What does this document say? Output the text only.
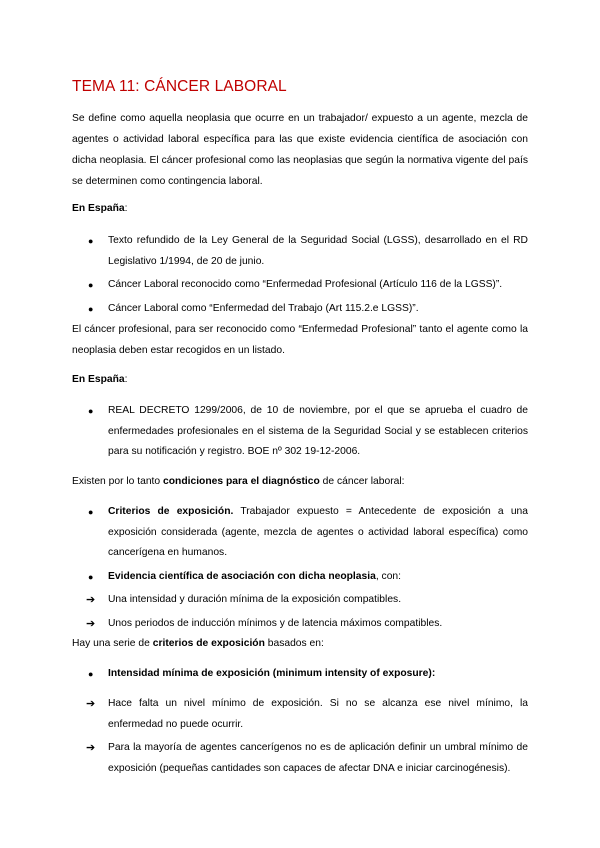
TEMA 11: CÁNCER LABORAL

Se define como aquella neoplasia que ocurre en un trabajador/ expuesto a un agente, mezcla de agentes o actividad laboral específica para las que existe evidencia científica de asociación con dicha neoplasia. El cáncer profesional como las neoplasias que según la normativa vigente del país se determinen como contingencia laboral.

En España:

● Texto refundido de la Ley General de la Seguridad Social (LGSS), desarrollado en el RD Legislativo 1/1994, de 20 de junio.
● Cáncer Laboral reconocido como “Enfermedad Profesional (Artículo 116 de la LGSS)”.
● Cáncer Laboral como “Enfermedad del Trabajo (Art 115.2.e LGSS)”.

El cáncer profesional, para ser reconocido como “Enfermedad Profesional” tanto el agente como la neoplasia deben estar recogidos en un listado.

En España:

● REAL DECRETO 1299/2006, de 10 de noviembre, por el que se aprueba el cuadro de enfermedades profesionales en el sistema de la Seguridad Social y se establecen criterios para su notificación y registro. BOE nº 302 19-12-2006.

Existen por lo tanto condiciones para el diagnóstico de cáncer laboral:

● Criterios de exposición. Trabajador expuesto = Antecedente de exposición a una exposición considerada (agente, mezcla de agentes o actividad laboral específica) como cancerígena en humanos.
● Evidencia científica de asociación con dicha neoplasia, con:
➔ Una intensidad y duración mínima de la exposición compatibles.
➔ Unos periodos de inducción mínimos y de latencia máximos compatibles.

Hay una serie de criterios de exposición basados en:

● Intensidad mínima de exposición (minimum intensity of exposure):
➔ Hace falta un nivel mínimo de exposición. Si no se alcanza ese nivel mínimo, la enfermedad no puede ocurrir.
➔ Para la mayoría de agentes cancerígenos no es de aplicación definir un umbral mínimo de exposición (pequeñas cantidades son capaces de afectar DNA e iniciar carcinogénesis).
